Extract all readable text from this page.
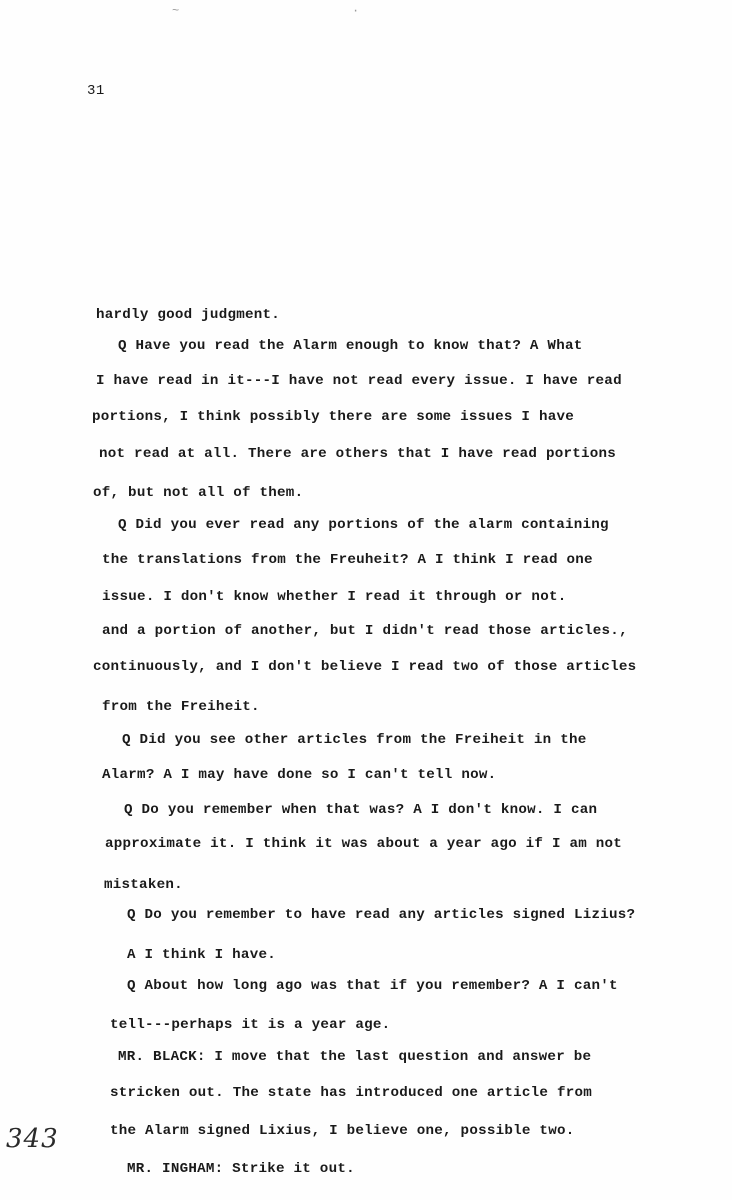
~	·
31
hardly good judgment.
Q Have you read the Alarm enough to know that? A What
I have read in it---I have not read every issue. I have read
portions, I think possibly there are some issues I have
not read at all. There are others that I have read portions
of, but not all of them.
Q Did you ever read any portions of the alarm containing
the translations from the Freuheit? A I think I read one
issue. I don't know whether I read it through or not.
and a portion of another, but I didn't read those articles.,
continuously, and I don't believe I read two of those articles
from the Freiheit.
Q Did you see other articles from the Freiheit in the
Alarm? A I may have done so I can't tell now.
Q Do you remember when that was? A I don't know. I can
approximate it. I think it was about a year ago if I am not
mistaken.
Q Do you remember to have read any articles signed Lizius?
A I think I have.
Q About how long ago was that if you remember? A I can't
tell---perhaps it is a year age.
MR. BLACK: I move that the last question and answer be
stricken out. The state has introduced one article from
the Alarm signed Lixius, I believe one, possible two.
MR. INGHAM: Strike it out.
343
